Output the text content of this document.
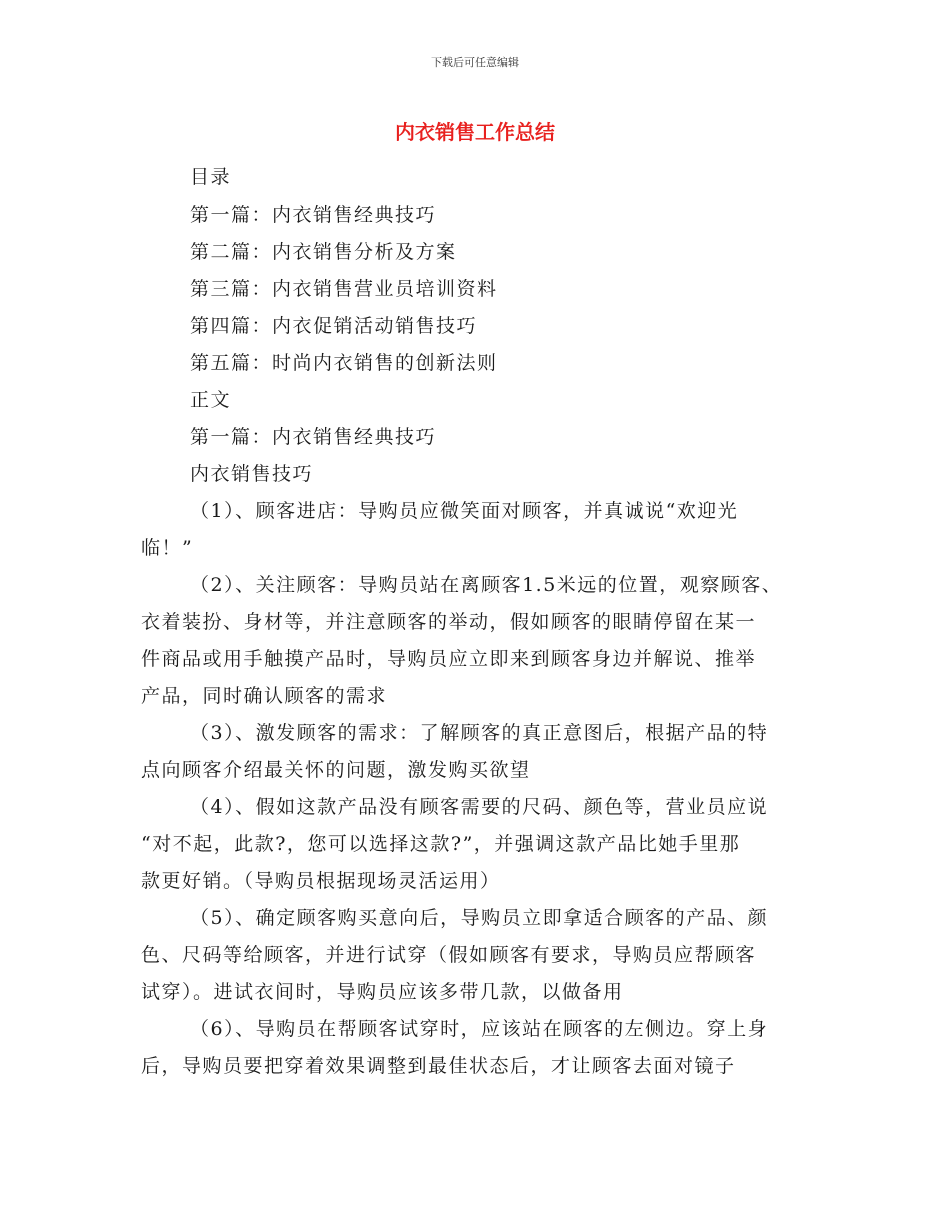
下载后可任意编辑
内衣销售工作总结
目录
第一篇：内衣销售经典技巧
第二篇：内衣销售分析及方案
第三篇：内衣销售营业员培训资料
第四篇：内衣促销活动销售技巧
第五篇：时尚内衣销售的创新法则
正文
第一篇：内衣销售经典技巧
内衣销售技巧
（1）、顾客进店：导购员应微笑面对顾客，并真诚说“欢迎光
临！”
（2）、关注顾客：导购员站在离顾客1.5米远的位置，观察顾客、
衣着装扮、身材等，并注意顾客的举动，假如顾客的眼睛停留在某一
件商品或用手触摸产品时，导购员应立即来到顾客身边并解说、推举
产品，同时确认顾客的需求
（3）、激发顾客的需求：了解顾客的真正意图后，根据产品的特
点向顾客介绍最关怀的问题，激发购买欲望
（4）、假如这款产品没有顾客需要的尺码、颜色等，营业员应说
“对不起，此款?，您可以选择这款?”，并强调这款产品比她手里那
款更好销。（导购员根据现场灵活运用）
（5）、确定顾客购买意向后，导购员立即拿适合顾客的产品、颜
色、尺码等给顾客，并进行试穿（假如顾客有要求，导购员应帮顾客
试穿）。进试衣间时，导购员应该多带几款，以做备用
（6）、导购员在帮顾客试穿时，应该站在顾客的左侧边。穿上身
后，导购员要把穿着效果调整到最佳状态后，才让顾客去面对镜子
